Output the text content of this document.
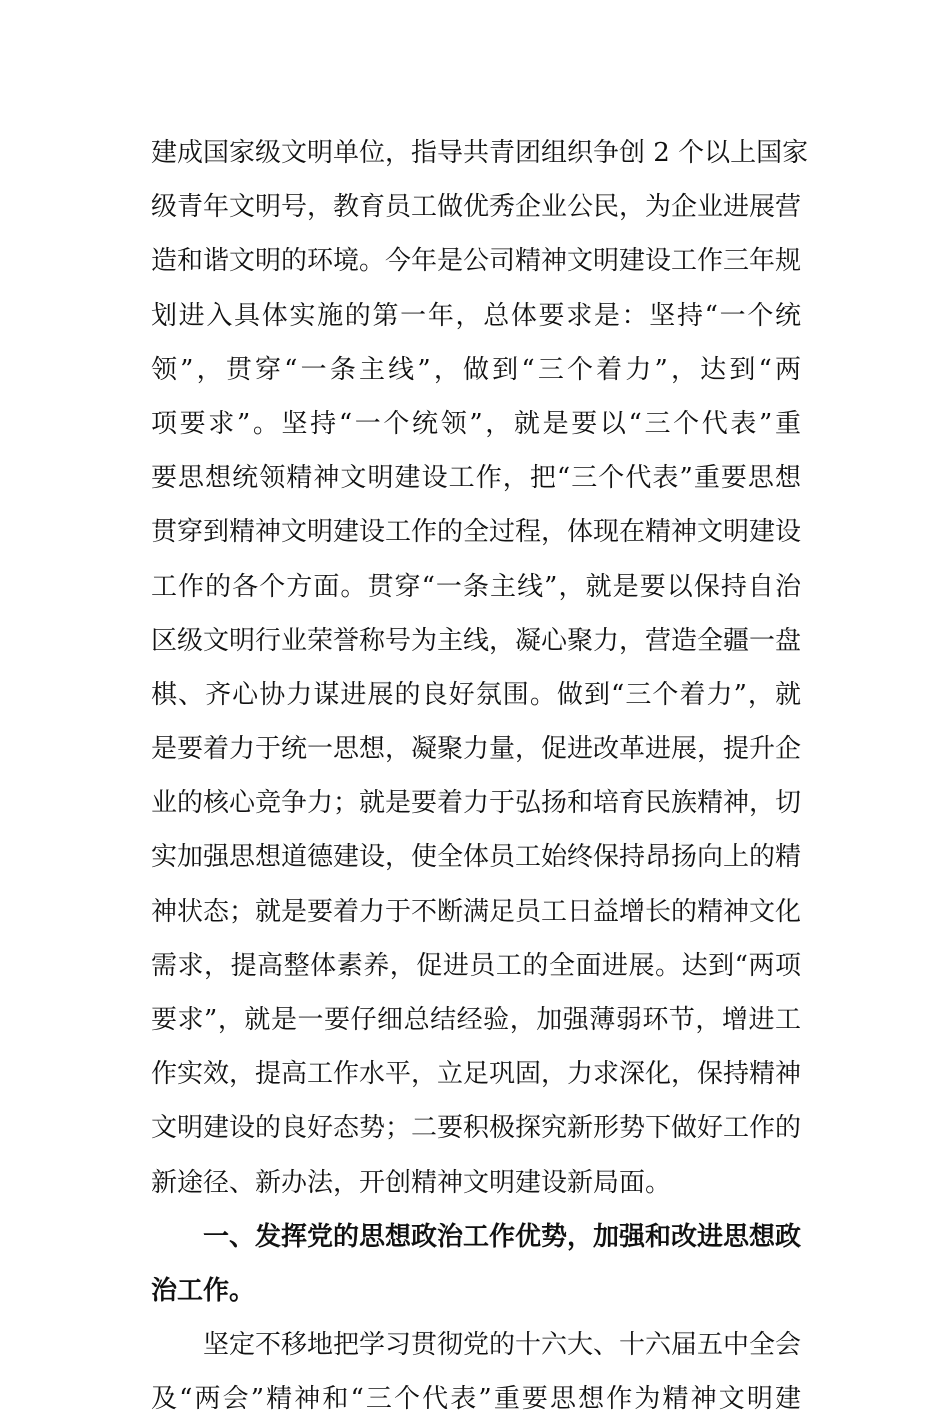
建成国家级文明单位，指导共青团组织争创 2 个以上国家
级青年文明号，教育员工做优秀企业公民，为企业进展营
造和谐文明的环境。今年是公司精神文明建设工作三年规
划进入具体实施的第一年，总体要求是：坚持“一个统
领”，贯穿“一条主线”，做到“三个着力”，达到“两
项要求”。坚持“一个统领”，就是要以“三个代表”重
要思想统领精神文明建设工作，把“三个代表”重要思想
贯穿到精神文明建设工作的全过程，体现在精神文明建设
工作的各个方面。贯穿“一条主线”，就是要以保持自治
区级文明行业荣誉称号为主线，凝心聚力，营造全疆一盘
棋、齐心协力谋进展的良好氛围。做到“三个着力”，就
是要着力于统一思想，凝聚力量，促进改革进展，提升企
业的核心竞争力；就是要着力于弘扬和培育民族精神，切
实加强思想道德建设，使全体员工始终保持昂扬向上的精
神状态；就是要着力于不断满足员工日益增长的精神文化
需求，提高整体素养，促进员工的全面进展。达到“两项
要求”，就是一要仔细总结经验，加强薄弱环节，增进工
作实效，提高工作水平，立足巩固，力求深化，保持精神
文明建设的良好态势；二要积极探究新形势下做好工作的
新途径、新办法，开创精神文明建设新局面。
一、发挥党的思想政治工作优势，加强和改进思想政
治工作。
坚定不移地把学习贯彻党的十六大、十六届五中全会
及“两会”精神和“三个代表”重要思想作为精神文明建
